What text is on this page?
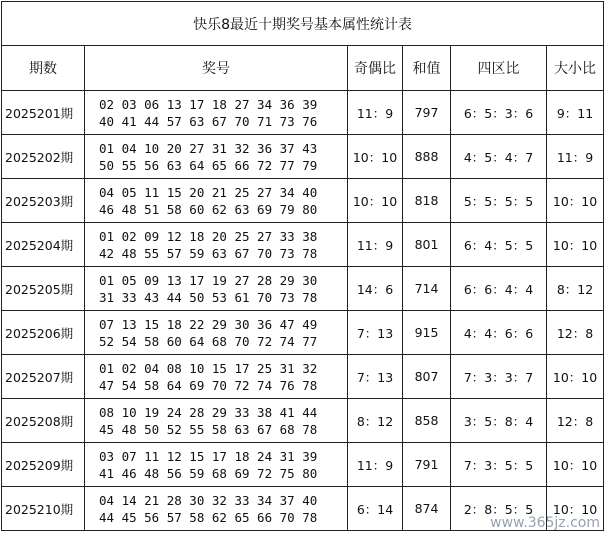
快乐8最近十期奖号基本属性统计表					
期数	奖号	奇偶比	和值	四区比	大小比
2025201期	02 03 06 13 17 18 27 34 36 39
40 41 44 57 63 67 70 71 73 76	11：9	797	6：5：3：6	9：11
2025202期	01 04 10 20 27 31 32 36 37 43
50 55 56 63 64 65 66 72 77 79	10：10	888	4：5：4：7	11：9
2025203期	04 05 11 15 20 21 25 27 34 40
46 48 51 58 60 62 63 69 79 80	10：10	818	5：5：5：5	10：10
2025204期	01 02 09 12 18 20 25 27 33 38
42 48 55 57 59 63 67 70 73 78	11：9	801	6：4：5：5	10：10
2025205期	01 05 09 13 17 19 27 28 29 30
31 33 43 44 50 53 61 70 73 78	14：6	714	6：6：4：4	8：12
2025206期	07 13 15 18 22 29 30 36 47 49
52 54 58 60 64 68 70 72 74 77	7：13	915	4：4：6：6	12：8
2025207期	01 02 04 08 10 15 17 25 31 32
47 54 58 64 69 70 72 74 76 78	7：13	807	7：3：3：7	10：10
2025208期	08 10 19 24 28 29 33 38 41 44
45 48 50 52 55 58 63 67 68 78	8：12	858	3：5：8：4	12：8
2025209期	03 07 11 12 15 17 18 24 31 39
41 46 48 56 59 68 69 72 75 80	11：9	791	7：3：5：5	10：10
2025210期	04 14 21 28 30 32 33 34 37 40
44 45 56 57 58 62 65 66 70 78	6：14	874	2：8：5：5	10：10
www.365jz.com
